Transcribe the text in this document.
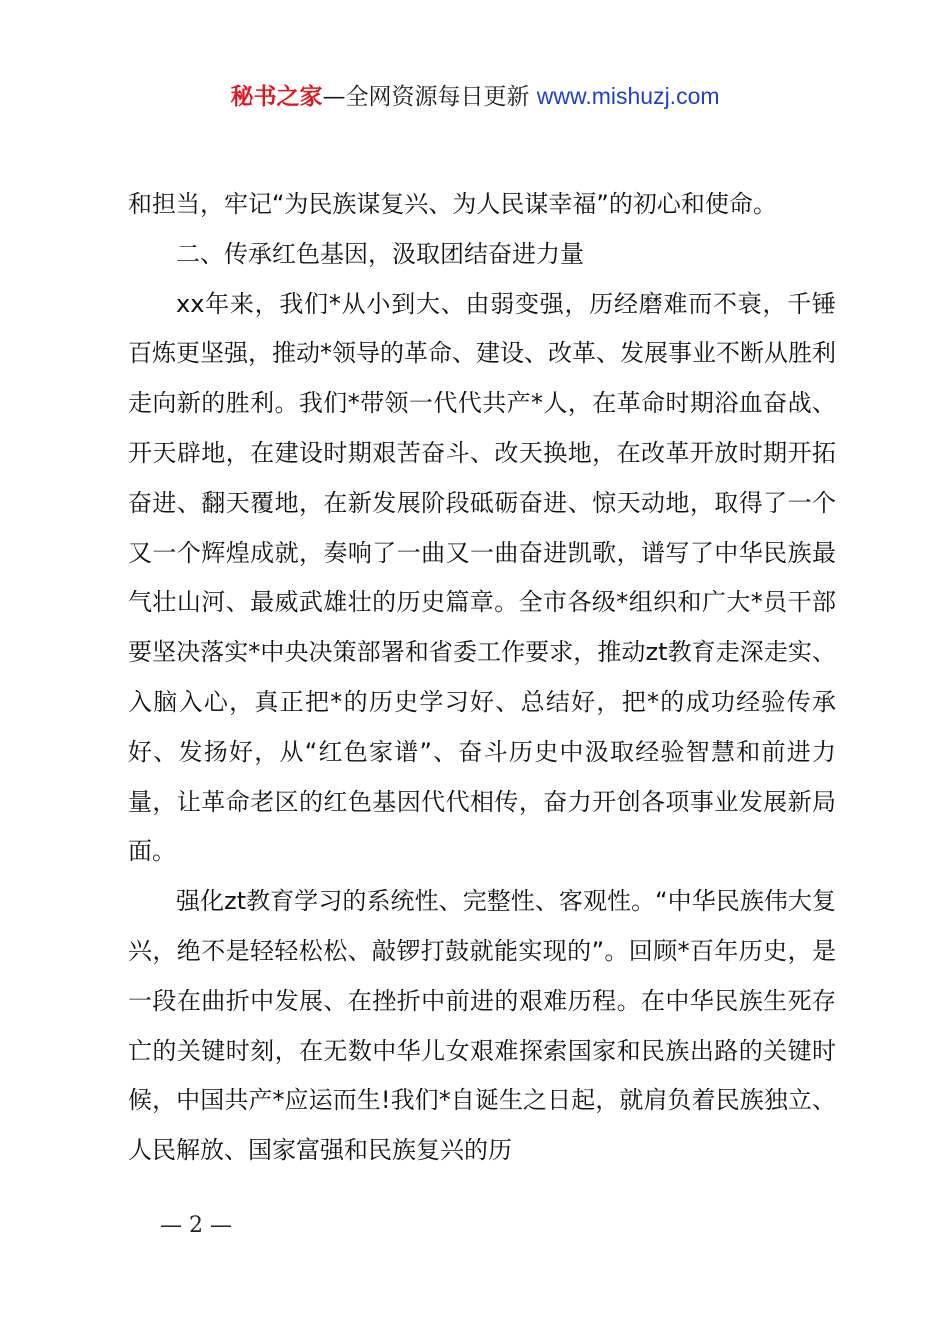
秘书之家—全网资源每日更新 www.mishuzj.com

和担当，牢记“为民族谋复兴、为人民谋幸福”的初心和使命。

二、传承红色基因，汲取团结奋进力量

xx年来，我们*从小到大、由弱变强，历经磨难而不衰，千锤百炼更坚强，推动*领导的革命、建设、改革、发展事业不断从胜利走向新的胜利。我们*带领一代代共产*人，在革命时期浴血奋战、开天辟地，在建设时期艰苦奋斗、改天换地，在改革开放时期开拓奋进、翻天覆地，在新发展阶段砥砺奋进、惊天动地，取得了一个又一个辉煌成就，奏响了一曲又一曲奋进凯歌，谱写了中华民族最气壮山河、最威武雄壮的历史篇章。全市各级*组织和广大*员干部要坚决落实*中央决策部署和省委工作要求，推动zt教育走深走实、入脑入心，真正把*的历史学习好、总结好，把*的成功经验传承好、发扬好，从“红色家谱”、奋斗历史中汲取经验智慧和前进力量，让革命老区的红色基因代代相传，奋力开创各项事业发展新局面。

强化zt教育学习的系统性、完整性、客观性。“中华民族伟大复兴，绝不是轻轻松松、敲锣打鼓就能实现的”。回顾*百年历史，是一段在曲折中发展、在挫折中前进的艰难历程。在中华民族生死存亡的关键时刻，在无数中华儿女艰难探索国家和民族出路的关键时候，中国共产*应运而生!我们*自诞生之日起，就肩负着民族独立、人民解放、国家富强和民族复兴的历

— 2 —
